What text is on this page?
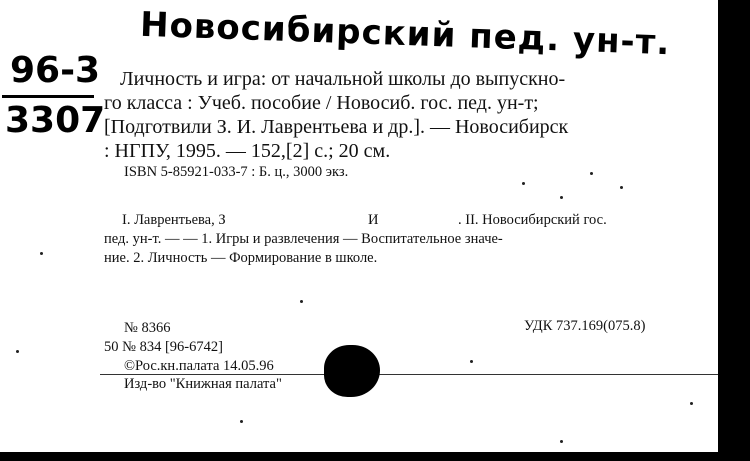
Новосибирский пед. ун-т.
96-3
3307
Личность и игра: от начальной школы до выпускно-
го класса : Учеб. пособие / Новосиб. гос. пед. ун-т;
[Подготвили З. И. Лаврентьева и др.]. — Новосибирск
: НГПУ, 1995. — 152,[2] с.; 20 см.
ISBN 5-85921-033-7 : Б. ц., 3000 экз.
I. Лаврентьева, З	И	. II. Новосибирский гос.
пед. ун-т. — — 1. Игры и развлечения — Воспитательное значе-
ние. 2. Личность — Формирование в школе.
№ 8366	УДК 737.169(075.8)
50 № 834 [96-6742]
©Рос.кн.палата 14.05.96
Изд-во "Книжная палата"
